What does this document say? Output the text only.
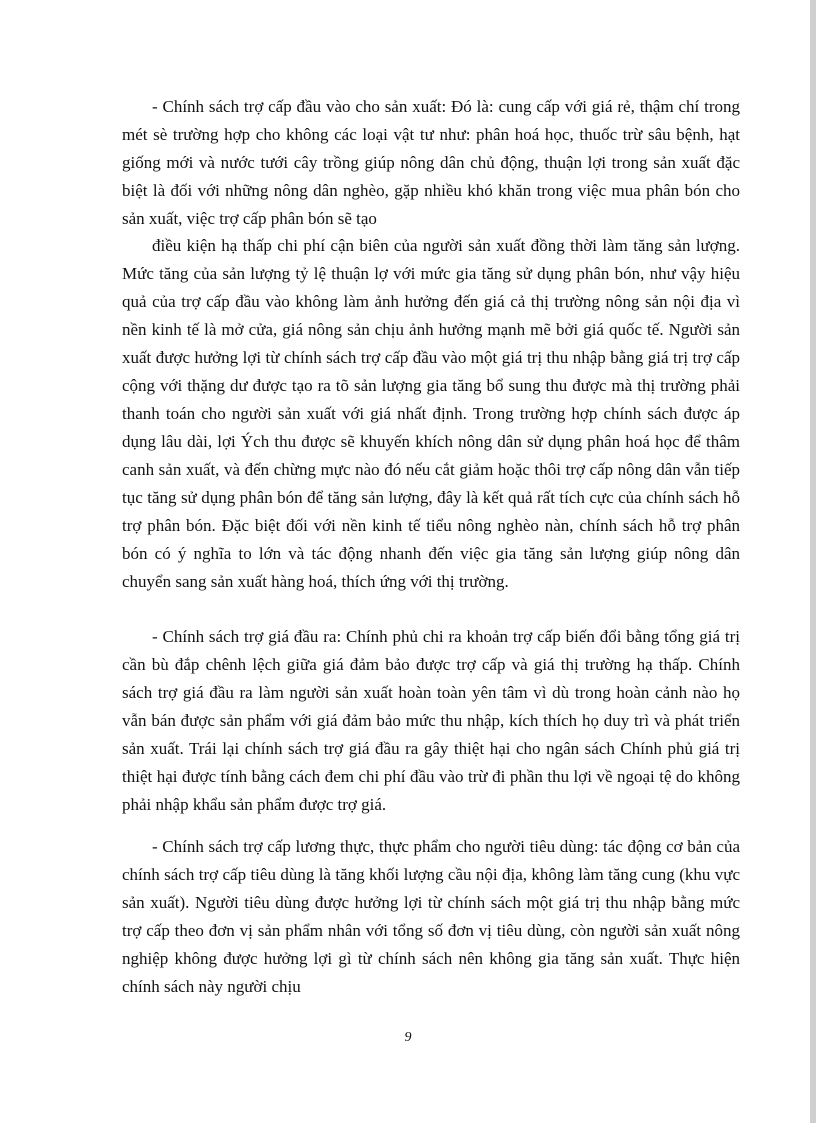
- Chính sách trợ cấp đầu vào cho sản xuất: Đó là: cung cấp với giá rẻ, thậm chí trong mét sè trường hợp cho không các loại vật tư như: phân hoá học, thuốc trừ sâu bệnh, hạt giống mới và nước tưới cây trồng giúp nông dân chủ động, thuận lợi trong sản xuất đặc biệt là đối với những nông dân nghèo, gặp nhiều khó khăn trong việc mua phân bón cho sản xuất, việc trợ cấp phân bón sẽ tạo

điều kiện hạ thấp chi phí cận biên của người sản xuất đồng thời làm tăng sản lượng. Mức tăng của sản lượng tỷ lệ thuận lợ với mức gia tăng sử dụng phân bón, như vậy hiệu quả của trợ cấp đầu vào không làm ảnh hưởng đến giá cả thị trường nông sản nội địa vì nền kinh tế là mở cửa, giá nông sản chịu ảnh hưởng mạnh mẽ bởi giá quốc tế. Người sản xuất được hưởng lợi từ chính sách trợ cấp đầu vào một giá trị thu nhập bằng giá trị trợ cấp cộng với thặng dư được tạo ra tõ sản lượng gia tăng bổ sung thu được mà thị trường phải thanh toán cho người sản xuất với giá nhất định. Trong trường hợp chính sách được áp dụng lâu dài, lợi Ých thu được sẽ khuyến khích nông dân sử dụng phân hoá học để thâm canh sản xuất, và đến chừng mực nào đó nếu cắt giảm hoặc thôi trợ cấp nông dân vẫn tiếp tục tăng sử dụng phân bón để tăng sản lượng, đây là kết quả rất tích cực của chính sách hỗ trợ phân bón. Đặc biệt đối với nền kinh tế tiểu nông nghèo nàn, chính sách hỗ trợ phân bón có ý nghĩa to lớn và tác động nhanh đến việc gia tăng sản lượng giúp nông dân chuyển sang sản xuất hàng hoá, thích ứng với thị trường.

- Chính sách trợ giá đầu ra: Chính phủ chi ra khoản trợ cấp biến đổi bằng tổng giá trị cần bù đắp chênh lệch giữa giá đảm bảo được trợ cấp và giá thị trường hạ thấp. Chính sách trợ giá đầu ra làm người sản xuất hoàn toàn yên tâm vì dù trong hoàn cảnh nào họ vẫn bán được sản phẩm với giá đảm bảo mức thu nhập, kích thích họ duy trì và phát triển sản xuất. Trái lại chính sách trợ giá đầu ra gây thiệt hại cho ngân sách Chính phủ giá trị thiệt hại được tính bằng cách đem chi phí đầu vào trừ đi phần thu lợi về ngoại tệ do không phải nhập khẩu sản phẩm được trợ giá.

- Chính sách trợ cấp lương thực, thực phẩm cho người tiêu dùng: tác động cơ bản của chính sách trợ cấp tiêu dùng là tăng khối lượng cầu nội địa, không làm tăng cung (khu vực sản xuất). Người tiêu dùng được hưởng lợi từ chính sách một giá trị thu nhập bằng mức trợ cấp theo đơn vị sản phẩm nhân với tổng số đơn vị tiêu dùng, còn người sản xuất nông nghiệp không được hưởng lợi gì từ chính sách nên không gia tăng sản xuất. Thực hiện chính sách này người chịu

9
